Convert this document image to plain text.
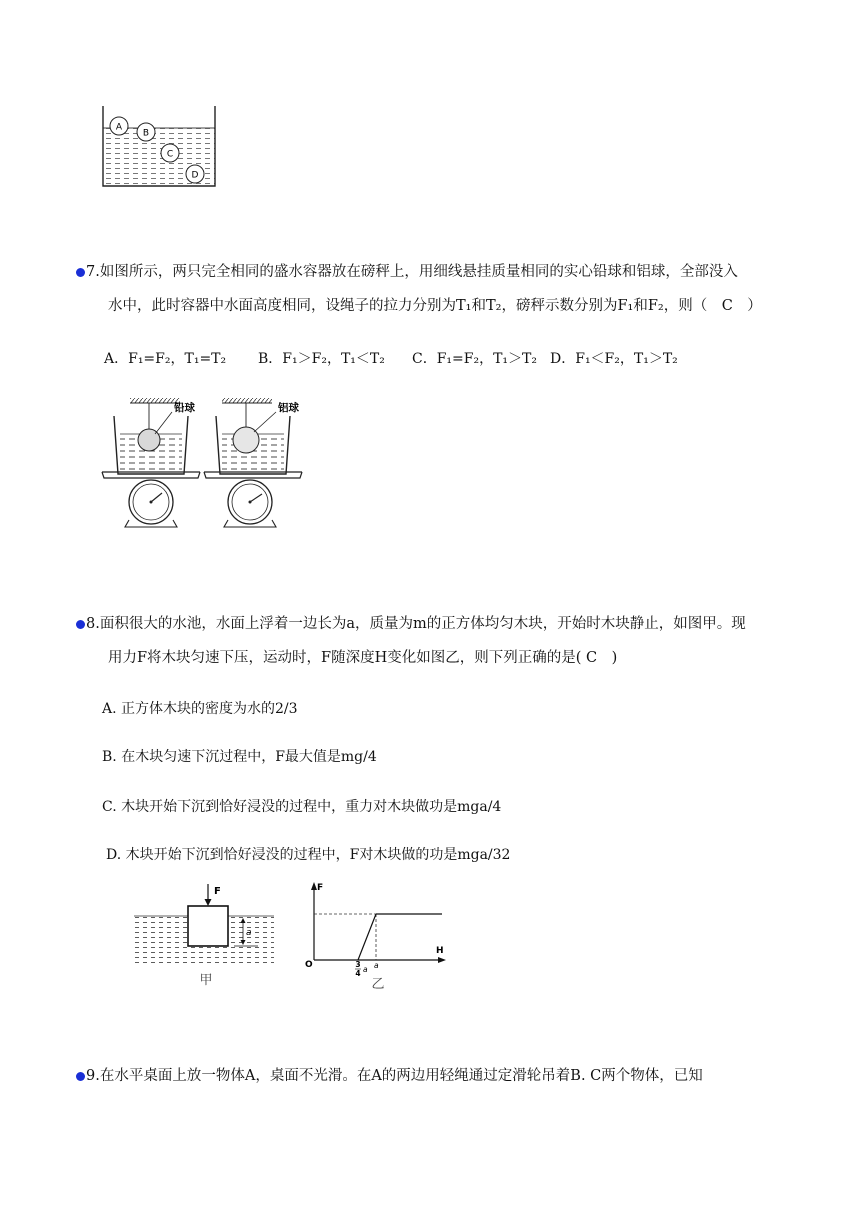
A
B
C
D
7.如图所示，两只完全相同的盛水容器放在磅秤上，用细线悬挂质量相同的实心铅球和铝球，全部没入
水中，此时容器中水面高度相同，设绳子的拉力分别为T₁和T₂，磅秤示数分别为F₁和F₂，则（　C　）
A．F₁=F₂，T₁=T₂ B．F₁＞F₂，T₁＜T₂ C．F₁=F₂，T₁＞T₂ D．F₁＜F₂，T₁＞T₂
铅球	铝球
8.面积很大的水池，水面上浮着一边长为a，质量为m的正方体均匀木块，开始时木块静止，如图甲。现
用力F将木块匀速下压，运动时，F随深度H变化如图乙，则下列正确的是( C　)
A. 正方体木块的密度为水的2/3
B. 在木块匀速下沉过程中，F最大值是mg/4
C. 木块开始下沉到恰好浸没的过程中，重力对木块做功是mga/4
D. 木块开始下沉到恰好浸没的过程中，F对木块做的功是mga/32
F
a
甲
F
H
O	3
4 a a
乙
9.在水平桌面上放一物体A，桌面不光滑。在A的两边用轻绳通过定滑轮吊着B. C两个物体，已知
